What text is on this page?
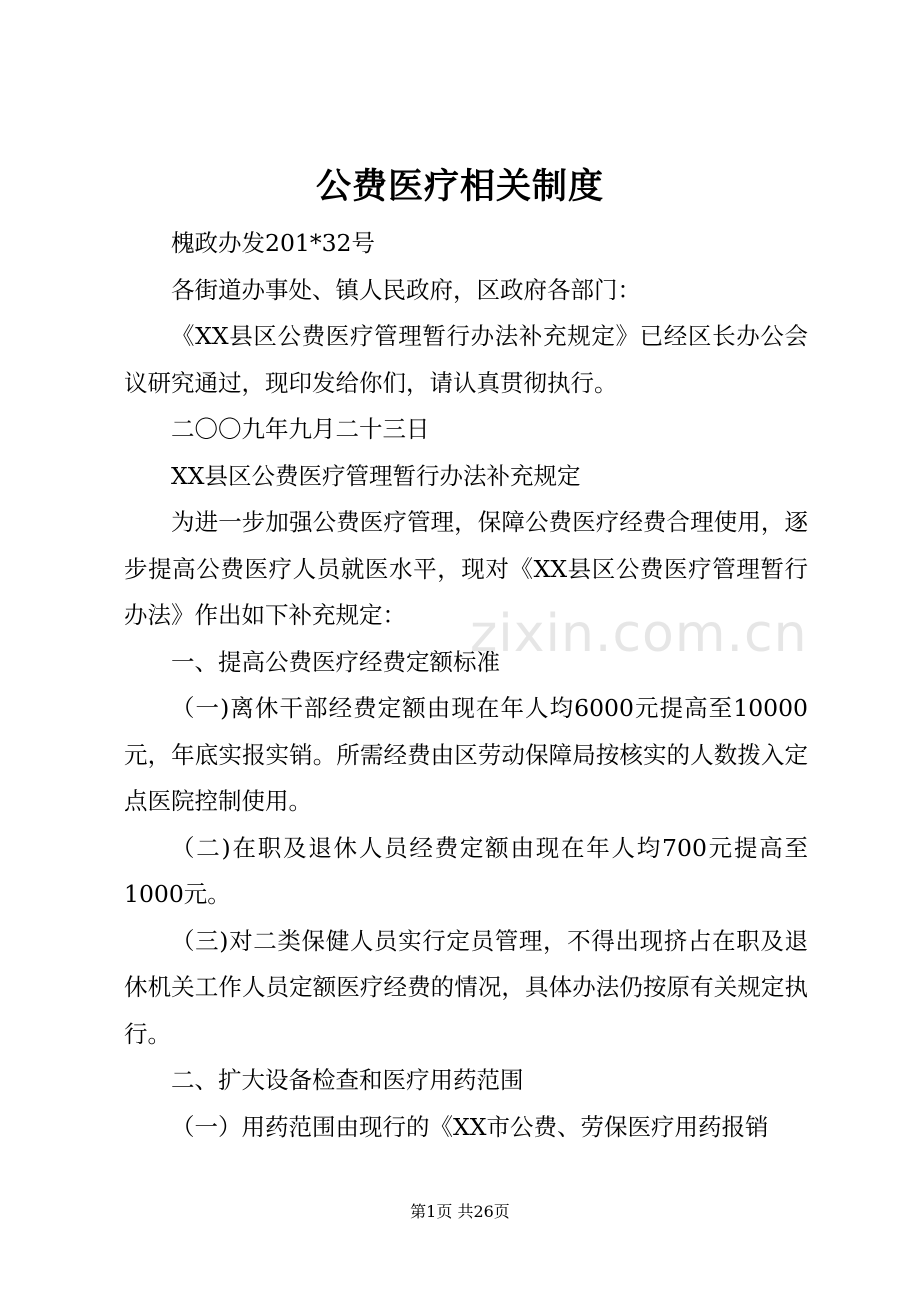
公费医疗相关制度

槐政办发201*32号

各街道办事处、镇人民政府，区政府各部门：

《XX县区公费医疗管理暂行办法补充规定》已经区长办公会议研究通过，现印发给你们，请认真贯彻执行。

二〇〇九年九月二十三日

XX县区公费医疗管理暂行办法补充规定

为进一步加强公费医疗管理，保障公费医疗经费合理使用，逐步提高公费医疗人员就医水平，现对《XX县区公费医疗管理暂行办法》作出如下补充规定：

一、提高公费医疗经费定额标准

（一)离休干部经费定额由现在年人均6000元提高至10000元，年底实报实销。所需经费由区劳动保障局按核实的人数拨入定点医院控制使用。

（二)在职及退休人员经费定额由现在年人均700元提高至1000元。

（三)对二类保健人员实行定员管理，不得出现挤占在职及退休机关工作人员定额医疗经费的情况，具体办法仍按原有关规定执行。

二、扩大设备检查和医疗用药范围

（一）用药范围由现行的《XX市公费、劳保医疗用药报销

zixin.com.cn
第1页 共26页
